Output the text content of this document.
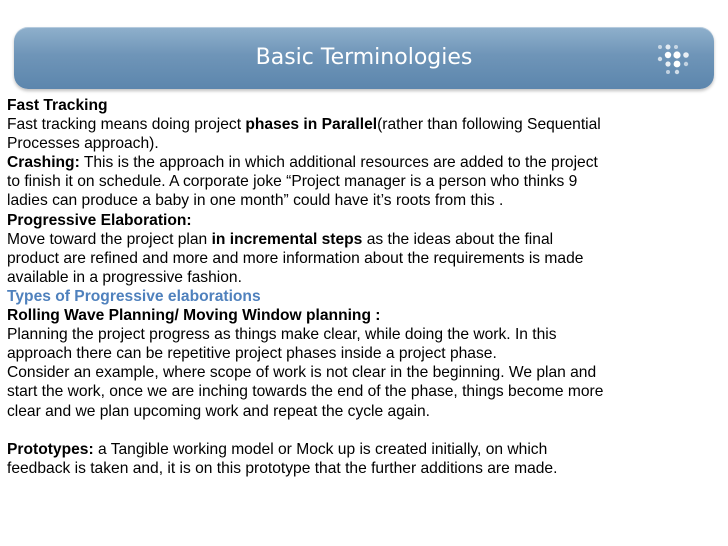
Basic Terminologies

Fast Tracking

Fast tracking means doing project phases in Parallel(rather than following Sequential

Processes approach).

Crashing: This is the approach in which additional resources are added to the project

to finish it on schedule. A corporate joke “Project manager is a person who thinks 9

ladies can produce a baby in one month” could have it’s roots from this .

Progressive Elaboration:

Move toward the project plan in incremental steps as the ideas about the final

product are refined and more and more information about the requirements is made

available in a progressive fashion.

Types of Progressive elaborations

Rolling Wave Planning/ Moving Window planning :

Planning the project progress as things make clear, while doing the work. In this

approach there can be repetitive project phases inside a project phase.

Consider an example, where scope of work is not clear in the beginning. We plan and

start the work, once we are inching towards the end of the phase, things become more

clear and we plan upcoming work and repeat the cycle again.

Prototypes: a Tangible working model or Mock up is created initially, on which

feedback is taken and, it is on this prototype that the further additions are made.
